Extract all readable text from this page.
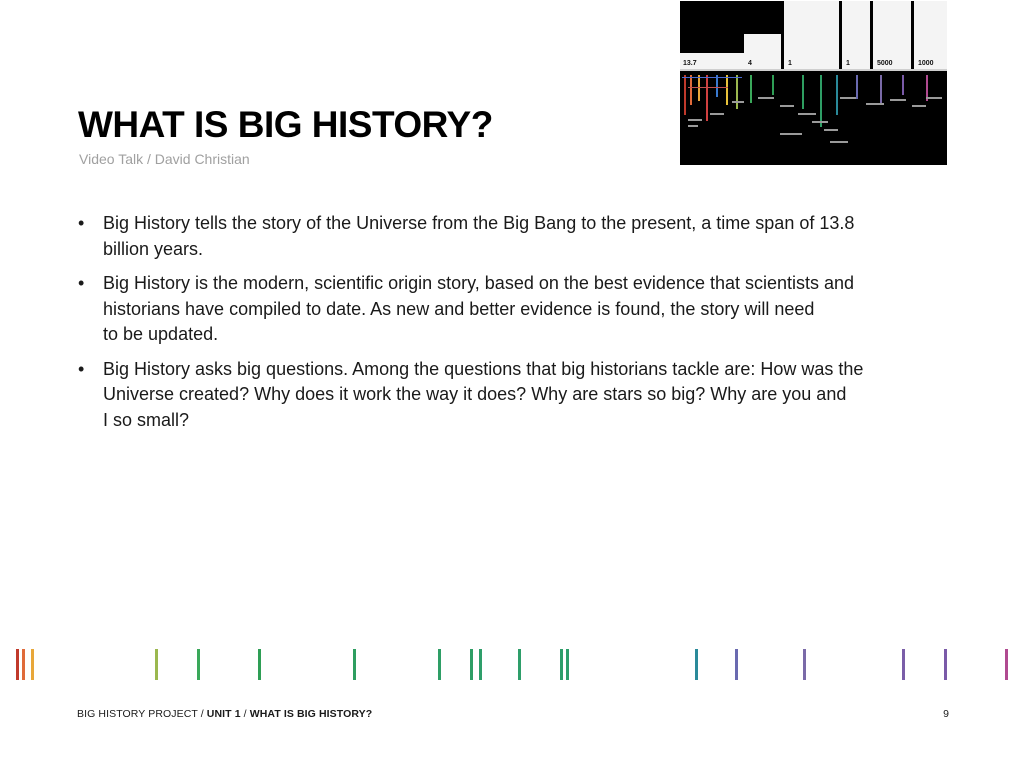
WHAT IS BIG HISTORY?
Video Talk / David Christian
13.7	4	1	1	5000	1000
• Big History tells the story of the Universe from the Big Bang to the present, a time span of 13.8
billion years.
• Big History is the modern, scientific origin story, based on the best evidence that scientists and
historians have compiled to date. As new and better evidence is found, the story will need
to be updated.
• Big History asks big questions. Among the questions that big historians tackle are: How was the
Universe created? Why does it work the way it does? Why are stars so big? Why are you and
I so small?
BIG HISTORY PROJECT / UNIT 1 / WHAT IS BIG HISTORY?	9
